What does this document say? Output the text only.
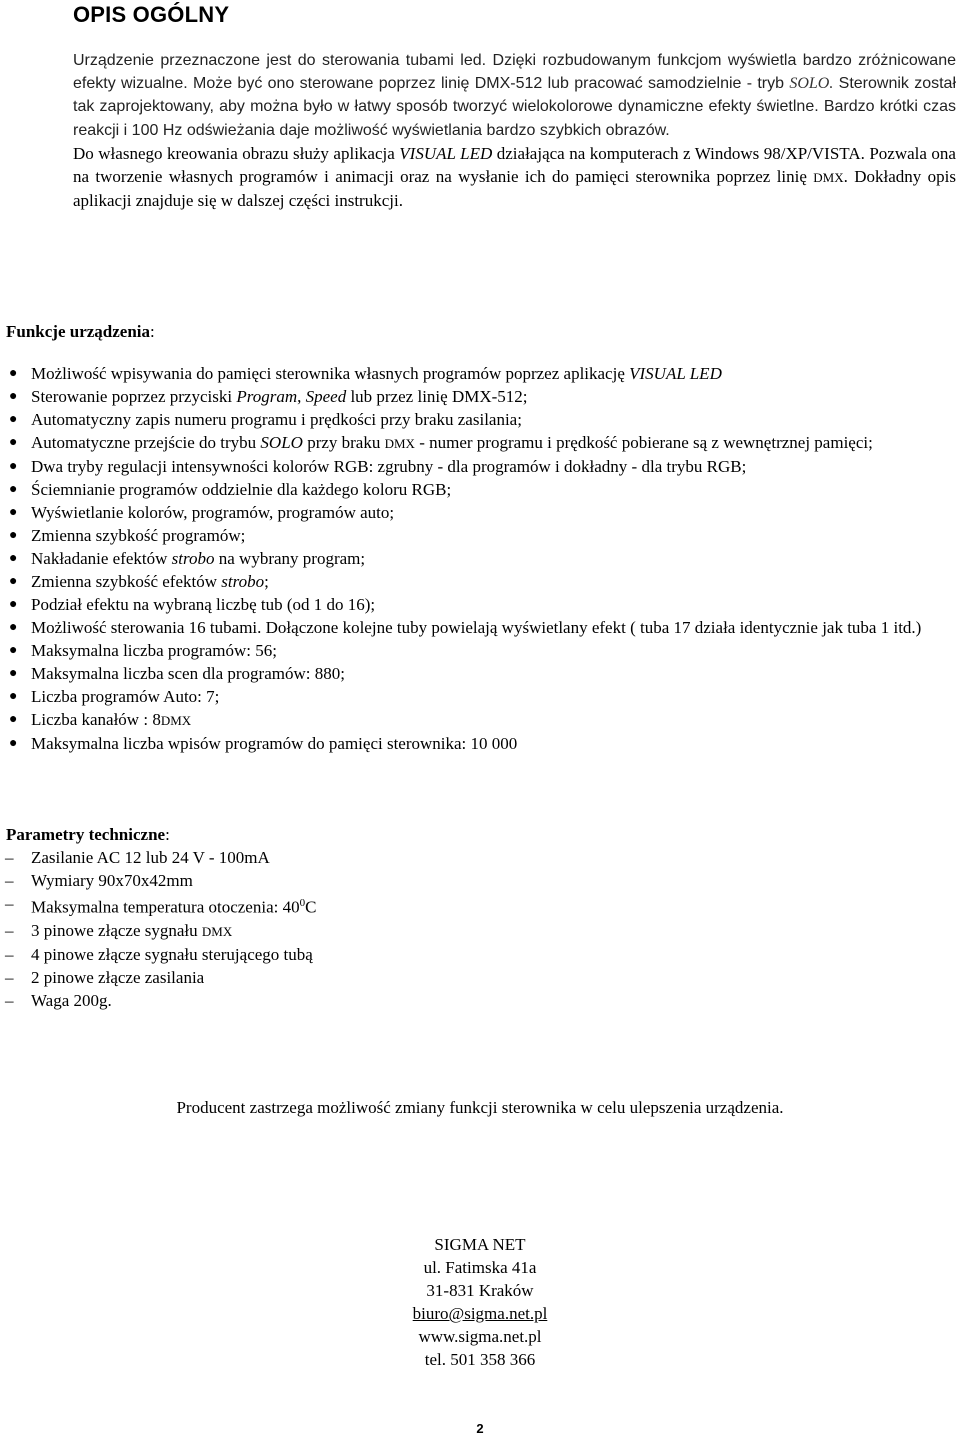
OPIS OGÓLNY

Urządzenie przeznaczone jest do sterowania tubami led. Dzięki rozbudowanym funkcjom wyświetla bardzo zróżnicowane efekty wizualne. Może być ono sterowane poprzez linię DMX-512 lub pracować samodzielnie - tryb SOLO. Sterownik został tak zaprojektowany, aby można było w łatwy sposób tworzyć wielokolorowe dynamiczne efekty świetlne. Bardzo krótki czas reakcji i 100 Hz odświeżania daje możliwość wyświetlania bardzo szybkich obrazów.

Do własnego kreowania obrazu służy aplikacja VISUAL LED działająca na komputerach z Windows 98/XP/VISTA. Pozwala ona na tworzenie własnych programów i animacji oraz na wysłanie ich do pamięci sterownika poprzez linię DMX. Dokładny opis aplikacji znajduje się w dalszej części instrukcji.

Funkcje urządzenia:
● Możliwość wpisywania do pamięci sterownika własnych programów poprzez aplikację VISUAL LED
● Sterowanie poprzez przyciski Program, Speed lub przez linię DMX-512;
● Automatyczny zapis numeru programu i prędkości przy braku zasilania;
● Automatyczne przejście do trybu SOLO przy braku DMX - numer programu i prędkość pobierane są z wewnętrznej pamięci;
● Dwa tryby regulacji intensywności kolorów RGB: zgrubny - dla programów i dokładny - dla trybu RGB;
● Ściemnianie programów oddzielnie dla każdego koloru RGB;
● Wyświetlanie kolorów, programów, programów auto;
● Zmienna szybkość programów;
● Nakładanie efektów strobo na wybrany program;
● Zmienna szybkość efektów strobo;
● Podział efektu na wybraną liczbę tub (od 1 do 16);
● Możliwość sterowania 16 tubami. Dołączone kolejne tuby powielają wyświetlany efekt ( tuba 17 działa identycznie jak tuba 1 itd.)
● Maksymalna liczba programów: 56;
● Maksymalna liczba scen dla programów: 880;
● Liczba programów Auto: 7;
● Liczba kanałów : 8DMX
● Maksymalna liczba wpisów programów do pamięci sterownika: 10 000
Parametry techniczne:
– Zasilanie AC 12 lub 24 V - 100mA
– Wymiary 90x70x42mm
– Maksymalna temperatura otoczenia: $40^0C$
– 3 pinowe złącze sygnału DMX
– 4 pinowe złącze sygnału sterującego tubą
– 2 pinowe złącze zasilania
– Waga 200g.
Producent zastrzega możliwość zmiany funkcji sterownika w celu ulepszenia urządzenia.
SIGMA NET
ul. Fatimska 41a
31-831 Kraków
biuro@sigma.net.pl
www.sigma.net.pl
tel. 501 358 366
2
